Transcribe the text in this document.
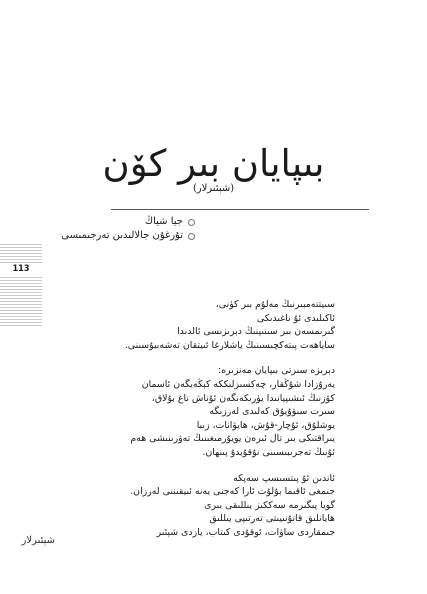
بىپايان بىر كۆن
(شېئىرلار)
جيا شياڭ
تۇرغۇن جالالىدىن تەرجىمىسى
113
سىيتتەمبىرنىڭ مەلۇم بىر كۈنى،
ئاكىلىدى ئۇ ناغىدىكى
گىرىمسەن بىر سىنىپنىڭ دېرىزىسى ئالدىدا
ساياھەت پىتەكچىسىنىڭ ياشلارغا ئىيتقان تەشەببۇسىنى.
دېرىزە سىرتى بىپايان مەنزىرە:
يەرۇزادا شۇڭقار، چەكسىزلىككە كېڭەيگەن ئاسمان
كۆزنىڭ ئىشىپيانىدا يۈرىكەنگەن ئۇناش ناغ بۇلاق،
سىرت سىۋۇيۇق كەلىدى لەرزىگە
يوشلۇق، ئۇچار-قۇش، ھايۋانات، زىبا
يىراقتىكى بىر تال ئىرەن يويۇرمىغىنىڭ تەۋرىنىشى ھەم
ئۇنىڭ تەجرىبىسىنى نۇقۇيدۇ پىنھان.
ئاندىن ئۇ پىتسىسپ سەپكە
جىمغى ئاقىما بۇلۇت ئارا كەجنى يەنە ئىيقىننى لەرزان.
گويا پىگىرمە سەككىز يىللىقى بىرى
ھايانلىق قانۇنىيىتى تەرتىپى يىللىق
جىمقاردى ساۋات، ئوقۇدى كىتاب، يازدى شېئىر
شېئىرلار
